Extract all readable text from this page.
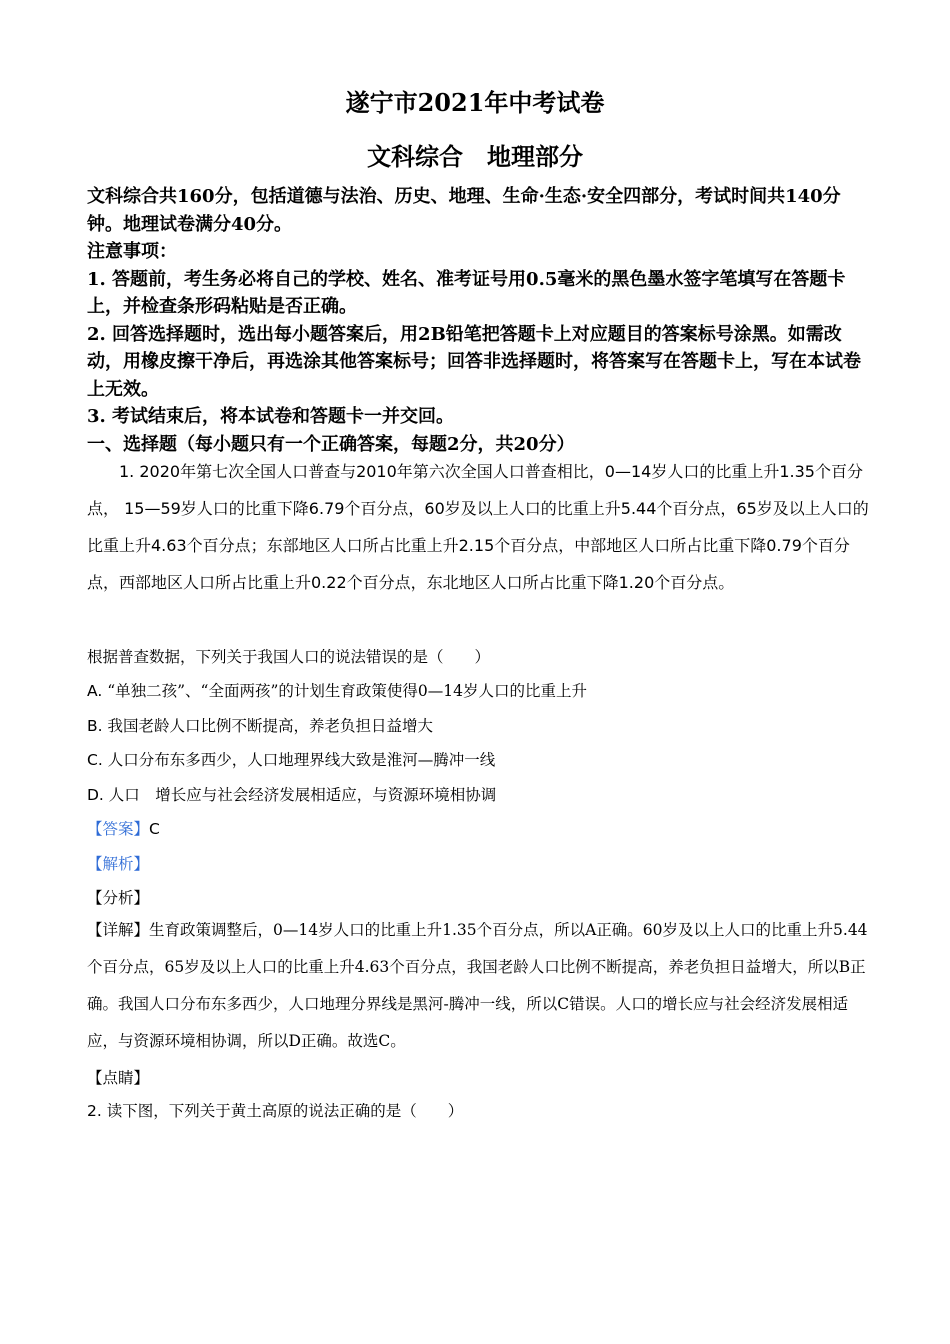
遂宁市2021年中考试卷
文科综合　地理部分

文科综合共160分，包括道德与法治、历史、地理、生命·生态·安全四部分，考试时间共140分钟。地理试卷满分40分。

注意事项：

1. 答题前，考生务必将自己的学校、姓名、准考证号用0.5毫米的黑色墨水签字笔填写在答题卡上，并检查条形码粘贴是否正确。

2. 回答选择题时，选出每小题答案后，用2B铅笔把答题卡上对应题目的答案标号涂黑。如需改动，用橡皮擦干净后，再选涂其他答案标号；回答非选择题时，将答案写在答题卡上，写在本试卷上无效。

3. 考试结束后，将本试卷和答题卡一并交回。

一、选择题（每小题只有一个正确答案，每题2分，共20分）

1. 2020年第七次全国人口普查与2010年第六次全国人口普查相比，0—14岁人口的比重上升1.35个百分点， 15—59岁人口的比重下降6.79个百分点，60岁及以上人口的比重上升5.44个百分点，65岁及以上人口的比重上升4.63个百分点；东部地区人口所占比重上升2.15个百分点，中部地区人口所占比重下降0.79个百分点，西部地区人口所占比重上升0.22个百分点，东北地区人口所占比重下降1.20个百分点。
根据普查数据，下列关于我国人口的说法错误的是（　　）
A. “单独二孩”、“全面两孩”的计划生育政策使得0—14岁人口的比重上升
B. 我国老龄人口比例不断提高，养老负担日益增大
C. 人口分布东多西少，人口地理界线大致是淮河—腾冲一线
D. 人口　增长应与社会经济发展相适应，与资源环境相协调
【答案】C
【解析】
【分析】
【详解】生育政策调整后，0—14岁人口的比重上升1.35个百分点，所以A正确。60岁及以上人口的比重上升5.44个百分点，65岁及以上人口的比重上升4.63个百分点，我国老龄人口比例不断提高，养老负担日益增大，所以B正确。我国人口分布东多西少，人口地理分界线是黑河-腾冲一线，所以C错误。人口的增长应与社会经济发展相适应，与资源环境相协调，所以D正确。故选C。
【点睛】
2. 读下图，下列关于黄土高原的说法正确的是（　　）
